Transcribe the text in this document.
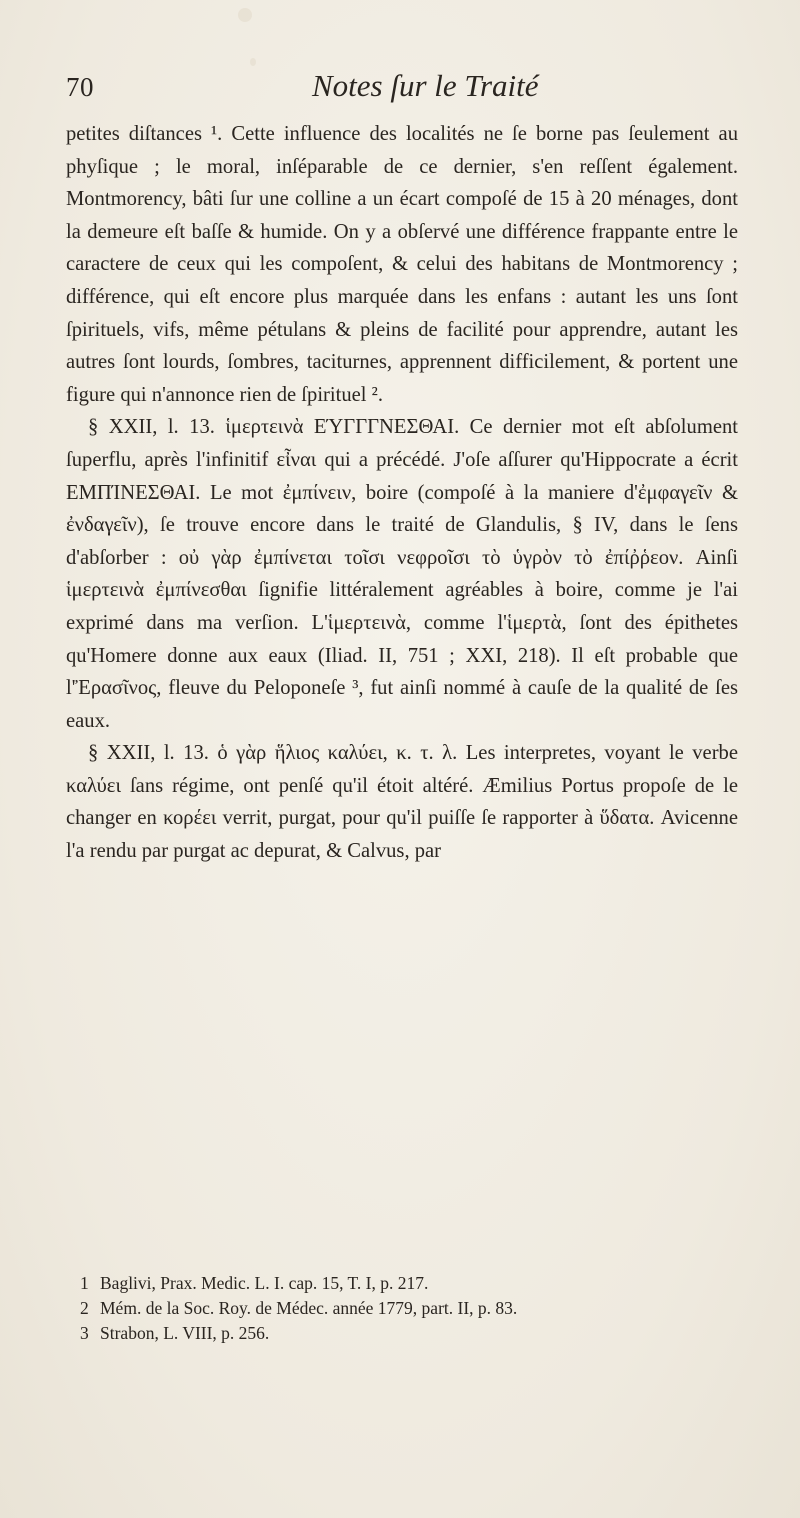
70	Notes ſur le Traité

petites diſtances ¹. Cette influence des localités ne ſe borne pas ſeulement au phyſique ; le moral, inſéparable de ce dernier, s'en reſſent également. Montmorency, bâti ſur une colline a un écart compoſé de 15 à 20 ménages, dont la demeure eſt baſſe & humide. On y a obſervé une différence frappante entre le caractere de ceux qui les compoſent, & celui des habitans de Montmorency ; différence, qui eſt encore plus marquée dans les enfans : autant les uns ſont ſpirituels, vifs, même pétulans & pleins de facilité pour apprendre, autant les autres ſont lourds, ſombres, taciturnes, apprennent difficilement, & portent une figure qui n'annonce rien de ſpirituel ².

§ XXII, l. 13. ἱμερτεινὰ ΕΎΓΓΓΝΕΣΘΑΙ. Ce dernier mot eſt abſolument ſuperflu, après l'infinitif εἶναι qui a précédé. J'oſe aſſurer qu'Hippocrate a écrit ΕΜΠΊΝΕΣΘΑΙ. Le mot ἐμπίνειν, boire (compoſé à la maniere d'ἐμφαγεῖν & ἐνδαγεῖν), ſe trouve encore dans le traité de Glandulis, § IV, dans le ſens d'abſorber : οὐ γὰρ ἐμπίνεται τοῖσι νεφροῖσι τὸ ὑγρὸν τὸ ἐπίῤῥεον. Ainſi ἱμερτεινὰ ἐμπίνεσθαι ſignifie littéralement agréables à boire, comme je l'ai exprimé dans ma verſion. L'ἱμερτεινὰ, comme l'ἱμερτὰ, ſont des épithetes qu'Homere donne aux eaux (Iliad. II, 751 ; XXI, 218). Il eſt probable que l'Ἐρασῖνος, fleuve du Peloponeſe ³, fut ainſi nommé à cauſe de la qualité de ſes eaux.

§ XXII, l. 13. ὁ γὰρ ἥλιος καλύει, κ. τ. λ. Les interpretes, voyant le verbe καλύει ſans régime, ont penſé qu'il étoit altéré. Æmilius Portus propoſe de le changer en κορέει verrit, purgat, pour qu'il puiſſe ſe rapporter à ὕδατα. Avicenne l'a rendu par purgat ac depurat, & Calvus, par

1 Baglivi, Prax. Medic. L. I. cap. 15, T. I, p. 217.
2 Mém. de la Soc. Roy. de Médec. année 1779, part. II, p. 83.
3 Strabon, L. VIII, p. 256.
